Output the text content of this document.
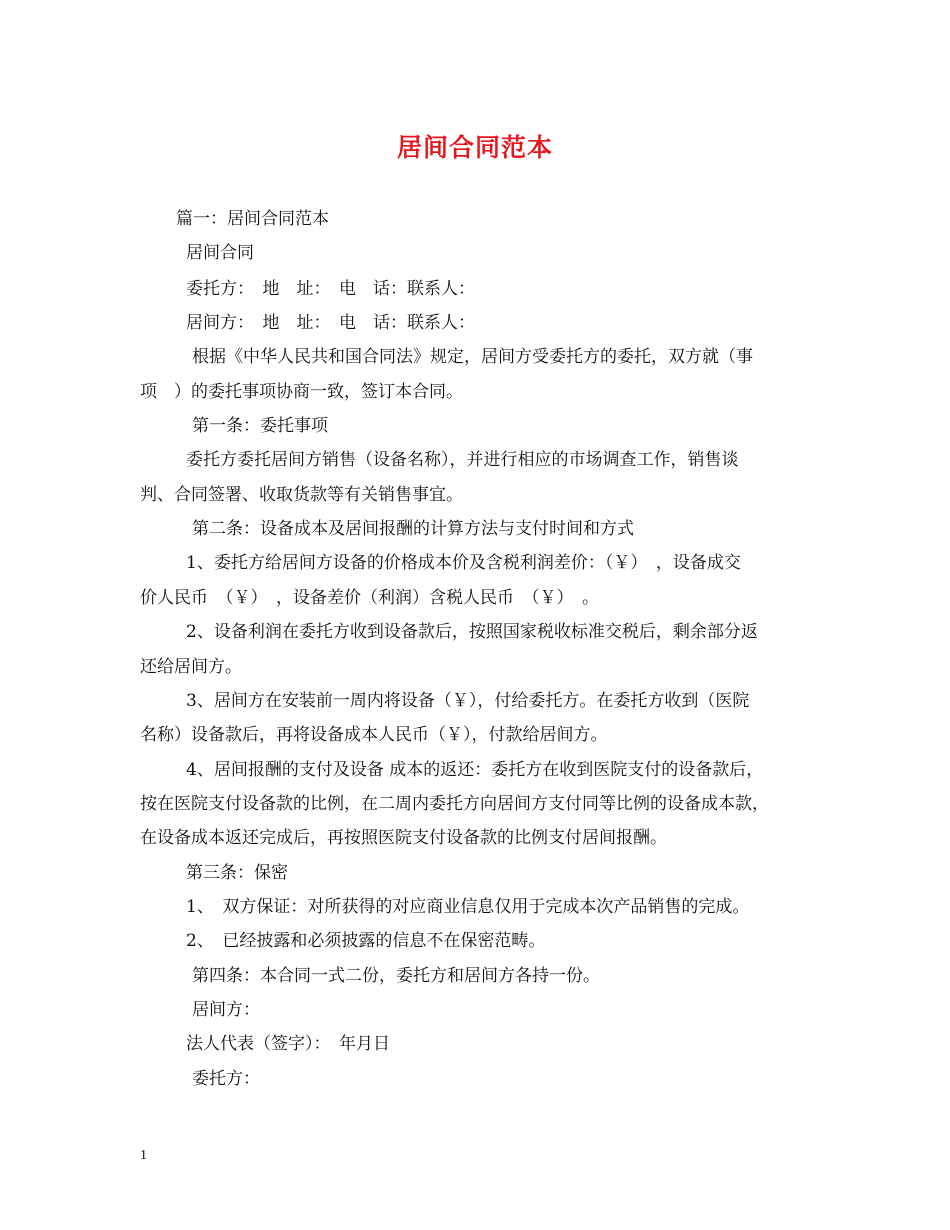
居间合同范本
篇一：居间合同范本
居间合同
委托方：　地　址：　电　话：联系人：
居间方：　地　址：　电　话：联系人：
根据《中华人民共和国合同法》规定，居间方受委托方的委托，双方就（事
项　）的委托事项协商一致，签订本合同。
第一条：委托事项
委托方委托居间方销售（设备名称），并进行相应的市场调查工作，销售谈
判、合同签署、收取货款等有关销售事宜。
第二条：设备成本及居间报酬的计算方法与支付时间和方式
1、委托方给居间方设备的价格成本价及含税利润差价：（￥）　，设备成交
价人民币　（￥）　，设备差价（利润）含税人民币　（￥）　。
2、设备利润在委托方收到设备款后，按照国家税收标准交税后，剩余部分返
还给居间方。
3、居间方在安装前一周内将设备（￥），付给委托方。在委托方收到（医院
名称）设备款后，再将设备成本人民币（￥），付款给居间方。
4、居间报酬的支付及设备 成本的返还：委托方在收到医院支付的设备款后，
按在医院支付设备款的比例，在二周内委托方向居间方支付同等比例的设备成本款，
在设备成本返还完成后，再按照医院支付设备款的比例支付居间报酬。
第三条：保密
1、　双方保证：对所获得的对应商业信息仅用于完成本次产品销售的完成。
2、　已经披露和必须披露的信息不在保密范畴。
第四条：本合同一式二份，委托方和居间方各持一份。
居间方：
法人代表（签字）：　年月日
委托方：
1
